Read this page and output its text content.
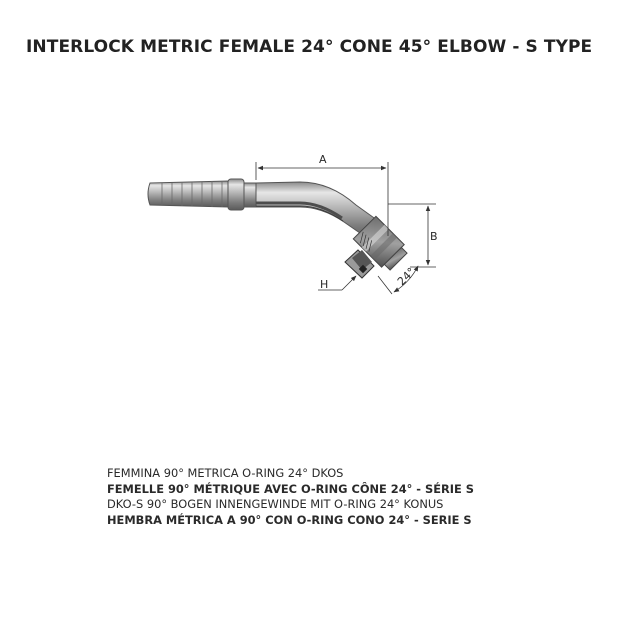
INTERLOCK METRIC FEMALE 24° CONE 45° ELBOW - S TYPE
A
B
H	24°
FEMMINA 90° METRICA O-RING 24° DKOS
FEMELLE 90° MÉTRIQUE AVEC O-RING CÔNE 24° - SÉRIE S
DKO-S 90° BOGEN INNENGEWINDE MIT O-RING 24° KONUS
HEMBRA MÉTRICA A 90° CON O-RING CONO 24° - SERIE S
